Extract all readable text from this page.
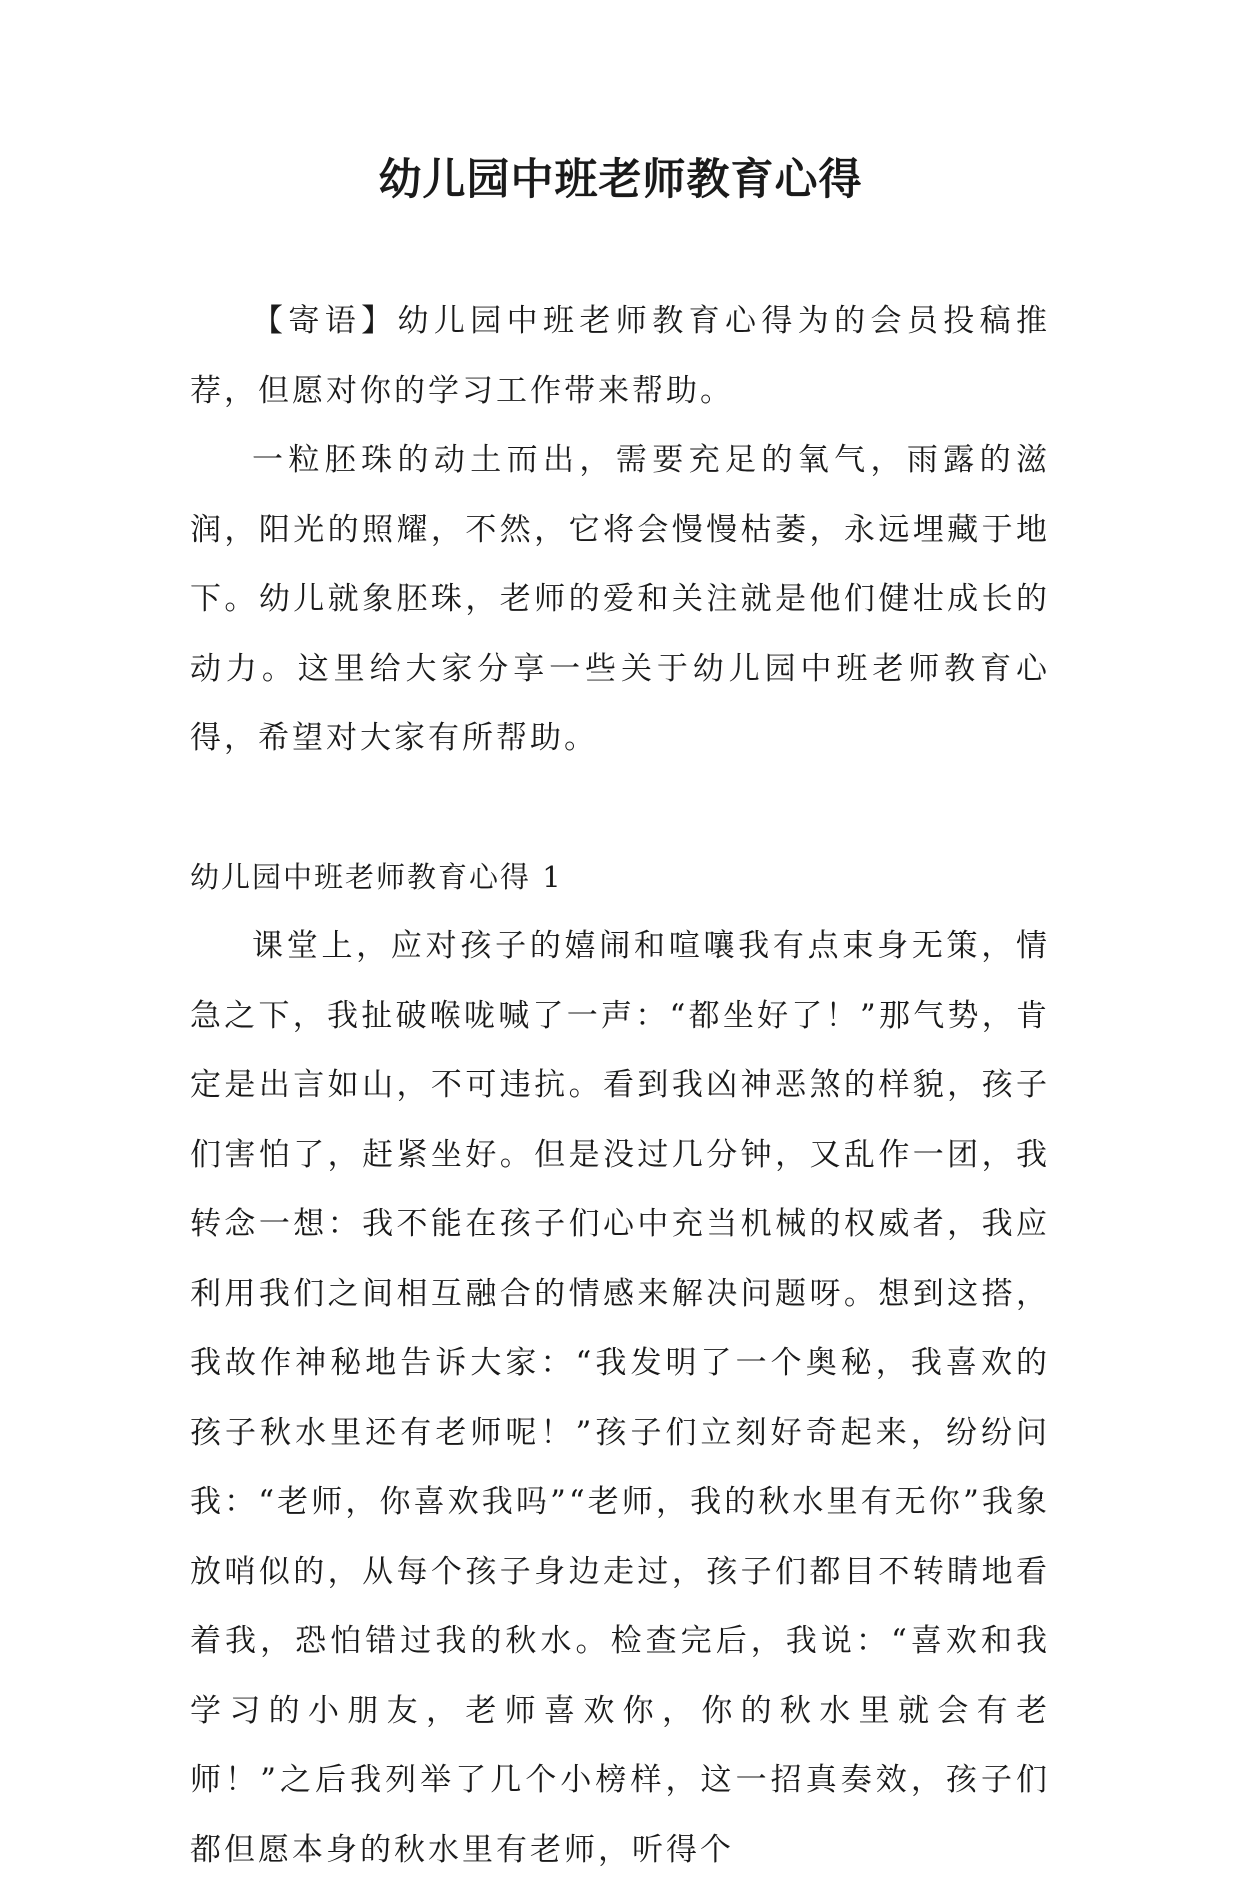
幼儿园中班老师教育心得

【寄语】幼儿园中班老师教育心得为的会员投稿推荐，但愿对你的学习工作带来帮助。

一粒胚珠的动土而出，需要充足的氧气，雨露的滋润，阳光的照耀，不然，它将会慢慢枯萎，永远埋藏于地下。幼儿就象胚珠，老师的爱和关注就是他们健壮成长的动力。这里给大家分享一些关于幼儿园中班老师教育心得，希望对大家有所帮助。

幼儿园中班老师教育心得 1

课堂上，应对孩子的嬉闹和喧嚷我有点束身无策，情急之下，我扯破喉咙喊了一声：“都坐好了！”那气势，肯定是出言如山，不可违抗。看到我凶神恶煞的样貌，孩子们害怕了，赶紧坐好。但是没过几分钟，又乱作一团，我转念一想：我不能在孩子们心中充当机械的权威者，我应利用我们之间相互融合的情感来解决问题呀。想到这搭，我故作神秘地告诉大家：“我发明了一个奥秘，我喜欢的孩子秋水里还有老师呢！”孩子们立刻好奇起来，纷纷问我：“老师，你喜欢我吗”“老师，我的秋水里有无你”我象放哨似的，从每个孩子身边走过，孩子们都目不转睛地看着我，恐怕错过我的秋水。检查完后，我说：“喜欢和我学习的小朋友，老师喜欢你，你的秋水里就会有老师！”之后我列举了几个小榜样，这一招真奏效，孩子们都但愿本身的秋水里有老师，听得个
